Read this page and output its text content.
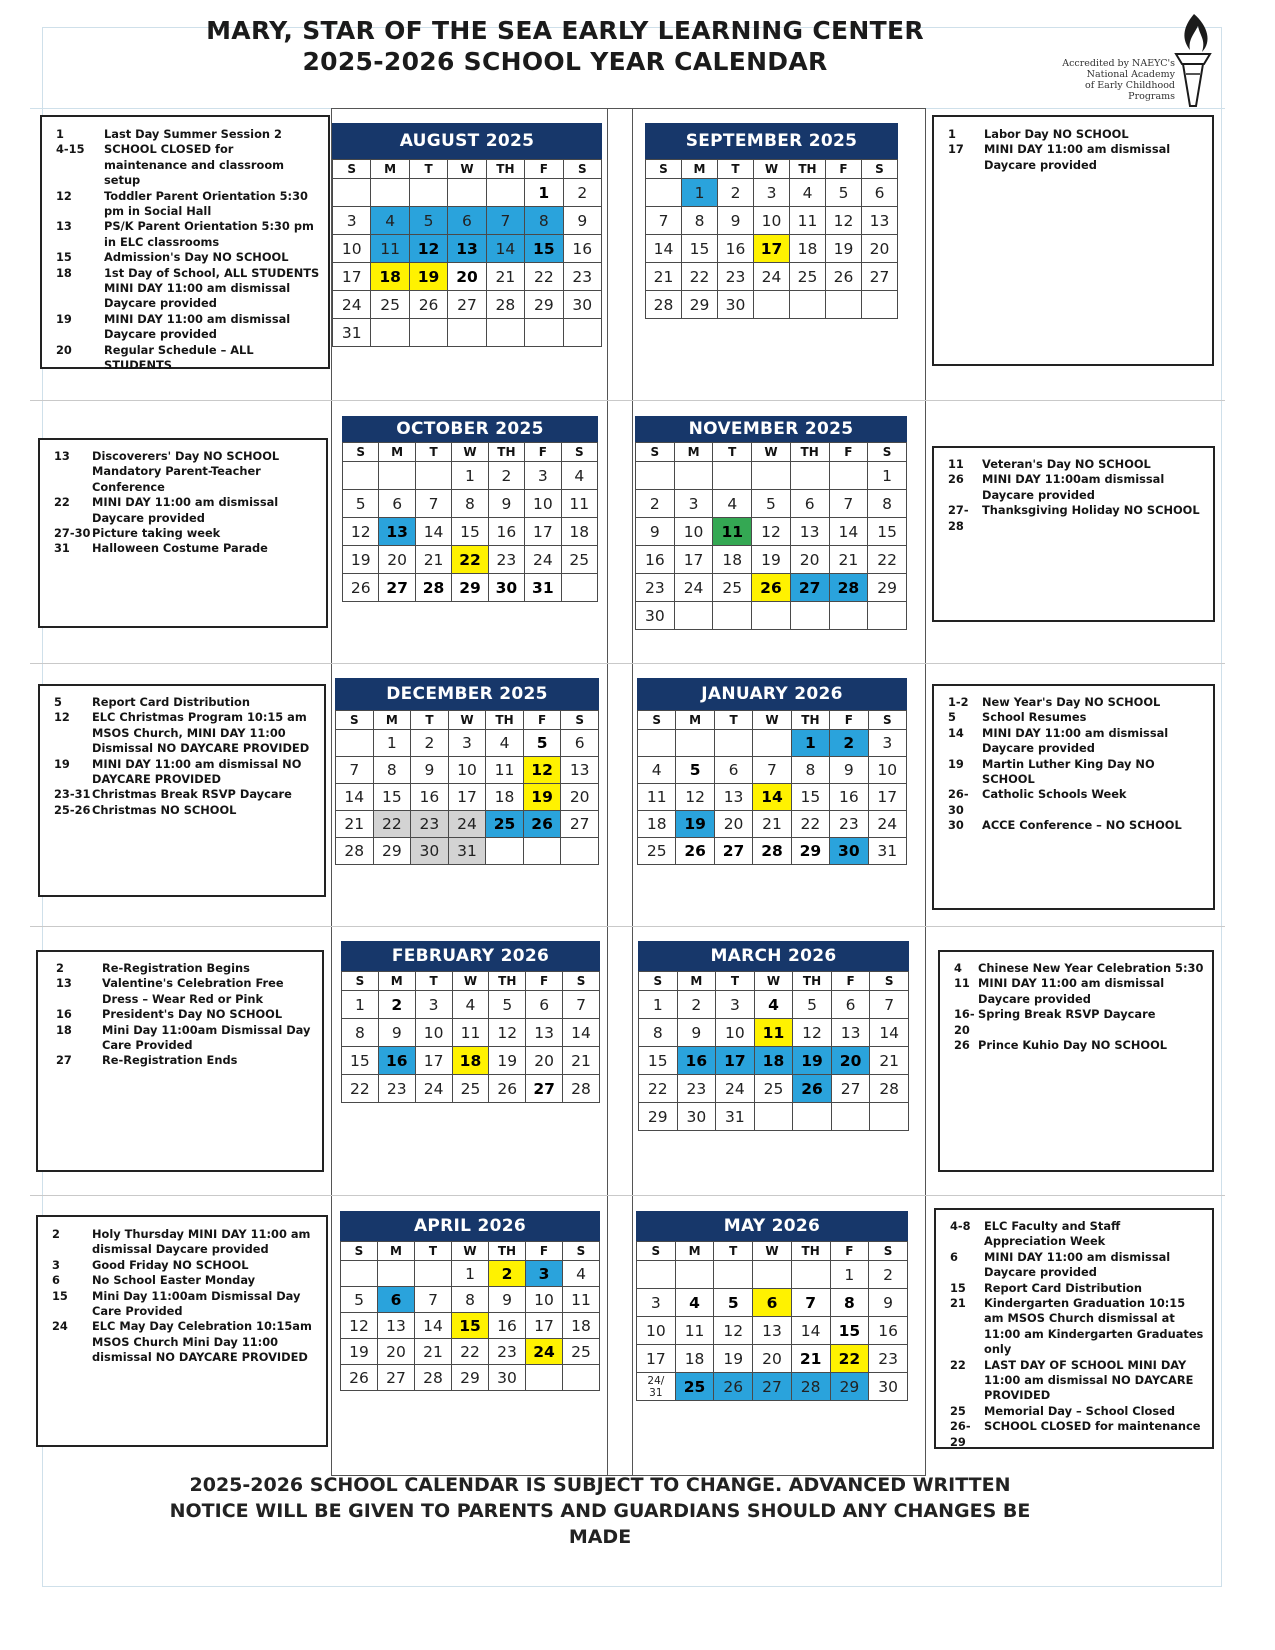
MARY, STAR OF THE SEA EARLY LEARNING CENTER
2025-2026 SCHOOL YEAR CALENDAR	Accredited by NAEYC's
National Academy
of Early Childhood
Programs
1	Last Day Summer Session 2
4-15	SCHOOL CLOSED for maintenance and classroom setup
12	Toddler Parent Orientation 5:30 pm in Social Hall
13	PS/K Parent Orientation 5:30 pm in ELC classrooms
15	Admission's Day NO SCHOOL
18	1st Day of School, ALL STUDENTS MINI DAY 11:00 am dismissal Daycare provided
19	MINI DAY 11:00 am dismissal Daycare provided
20	Regular Schedule – ALL STUDENTS
1	Labor Day NO SCHOOL
17	MINI DAY 11:00 am dismissal Daycare provided
13	Discoverers' Day NO SCHOOL Mandatory Parent-Teacher Conference
22	MINI DAY 11:00 am dismissal Daycare provided
27-30 Picture taking week
31	Halloween Costume Parade
11	Veteran's Day NO SCHOOL
26	MINI DAY 11:00am dismissal Daycare provided
27-28
Thanksgiving Holiday NO SCHOOL
5	Report Card Distribution
12	ELC Christmas Program 10:15 am MSOS Church, MINI DAY 11:00 Dismissal NO DAYCARE PROVIDED
19	MINI DAY 11:00 am dismissal NO DAYCARE PROVIDED
23-31 Christmas Break RSVP Daycare
25-26 Christmas NO SCHOOL
1-2	New Year's Day NO SCHOOL
5	School Resumes
14	MINI DAY 11:00 am dismissal Daycare provided
19	Martin Luther King Day NO SCHOOL
26-30
Catholic Schools Week
30	ACCE Conference – NO SCHOOL
2	Re-Registration Begins
13	Valentine's Celebration Free Dress – Wear Red or Pink
16	President's Day NO SCHOOL
18	Mini Day 11:00am Dismissal Day Care Provided
27	Re-Registration Ends
4	Chinese New Year Celebration 5:30
11 MINI DAY 11:00 am dismissal Daycare provided
16-20
Spring Break RSVP Daycare
26 Prince Kuhio Day NO SCHOOL
2	Holy Thursday MINI DAY 11:00 am dismissal Daycare provided
3	Good Friday NO SCHOOL
6	No School Easter Monday
15	Mini Day 11:00am Dismissal Day Care Provided
24	ELC May Day Celebration 10:15am MSOS Church Mini Day 11:00 dismissal NO DAYCARE PROVIDED
4-8	ELC Faculty and Staff Appreciation Week
6	MINI DAY 11:00 am dismissal Daycare provided
15	Report Card Distribution
21	Kindergarten Graduation 10:15 am MSOS Church dismissal at 11:00 am Kindergarten Graduates only
22	LAST DAY OF SCHOOL MINI DAY 11:00 am dismissal NO DAYCARE PROVIDED
25	Memorial Day – School Closed
26-29
SCHOOL CLOSED for maintenance
AUGUST 2025
S	M	T	W	TH	F	S
					1	2
3	4	5	6	7	8	9
10	11	12	13	14	15	16
17	18	19	20	21	22	23
24	25	26	27	28	29	30
31						
SEPTEMBER 2025
S	M	T	W	TH	F	S
	1	2	3	4	5	6
7	8	9	10	11	12	13
14	15	16	17	18	19	20
21	22	23	24	25	26	27
28	29	30				
OCTOBER 2025
S	M	T	W	TH	F	S
			1	2	3	4
5	6	7	8	9	10	11
12	13	14	15	16	17	18
19	20	21	22	23	24	25
26	27	28	29	30	31	
NOVEMBER 2025
S	M	T	W	TH	F	S
						1
2	3	4	5	6	7	8
9	10	11	12	13	14	15
16	17	18	19	20	21	22
23	24	25	26	27	28	29
30						
DECEMBER 2025
S	M	T	W	TH	F	S
	1	2	3	4	5	6
7	8	9	10	11	12	13
14	15	16	17	18	19	20
21	22	23	24	25	26	27
28	29	30	31			
JANUARY 2026
S	M	T	W	TH	F	S
				1	2	3
4	5	6	7	8	9	10
11	12	13	14	15	16	17
18	19	20	21	22	23	24
25	26	27	28	29	30	31
FEBRUARY 2026
S	M	T	W	TH	F	S
1	2	3	4	5	6	7
8	9	10	11	12	13	14
15	16	17	18	19	20	21
22	23	24	25	26	27	28
MARCH 2026
S	M	T	W	TH	F	S
1	2	3	4	5	6	7
8	9	10	11	12	13	14
15	16	17	18	19	20	21
22	23	24	25	26	27	28
29	30	31				
APRIL 2026
S	M	T	W	TH	F	S
			1	2	3	4
5	6	7	8	9	10	11
12	13	14	15	16	17	18
19	20	21	22	23	24	25
26	27	28	29	30		
MAY 2026
S	M	T	W	TH	F	S
					1	2
3	4	5	6	7	8	9
10	11	12	13	14	15	16
17	18	19	20	21	22	23
24/
31	25	26	27	28	29	30
2025-2026 SCHOOL CALENDAR IS SUBJECT TO CHANGE. ADVANCED WRITTEN
NOTICE WILL BE GIVEN TO PARENTS AND GUARDIANS SHOULD ANY CHANGES BE MADE
